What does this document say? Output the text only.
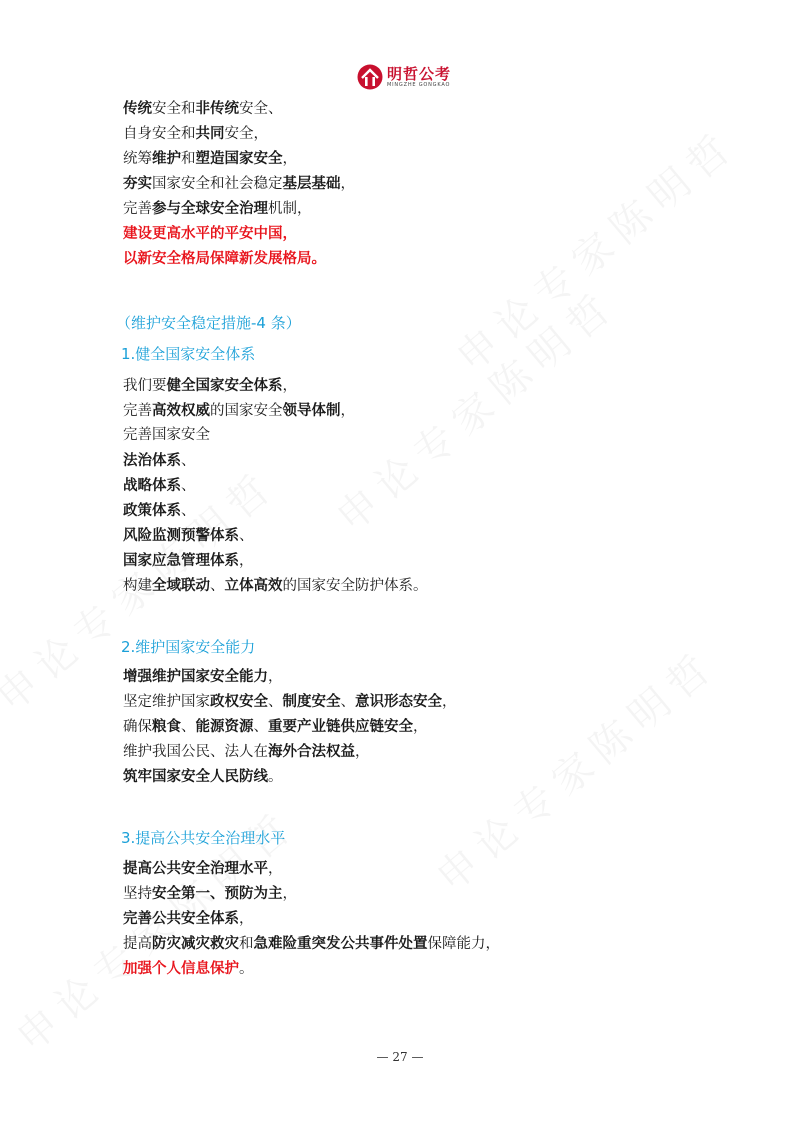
明哲公考
MINGZHE GONGKAO
传统安全和非传统安全、
自身安全和共同安全，
统筹维护和塑造国家安全，
夯实国家安全和社会稳定基层基础，
完善参与全球安全治理机制，
建设更高水平的平安中国，
以新安全格局保障新发展格局。
（维护安全稳定措施-4 条）
1.健全国家安全体系
我们要健全国家安全体系，
完善高效权威的国家安全领导体制，
完善国家安全
法治体系、
战略体系、
政策体系、
风险监测预警体系、
国家应急管理体系，
构建全域联动、立体高效的国家安全防护体系。
2.维护国家安全能力
增强维护国家安全能力，
坚定维护国家政权安全、制度安全、意识形态安全，
确保粮食、能源资源、重要产业链供应链安全，
维护我国公民、法人在海外合法权益，
筑牢国家安全人民防线。
3.提高公共安全治理水平
提高公共安全治理水平，
坚持安全第一、预防为主，
完善公共安全体系，
提高防灾减灾救灾和急难险重突发公共事件处置保障能力，
加强个人信息保护。
— 27 —
